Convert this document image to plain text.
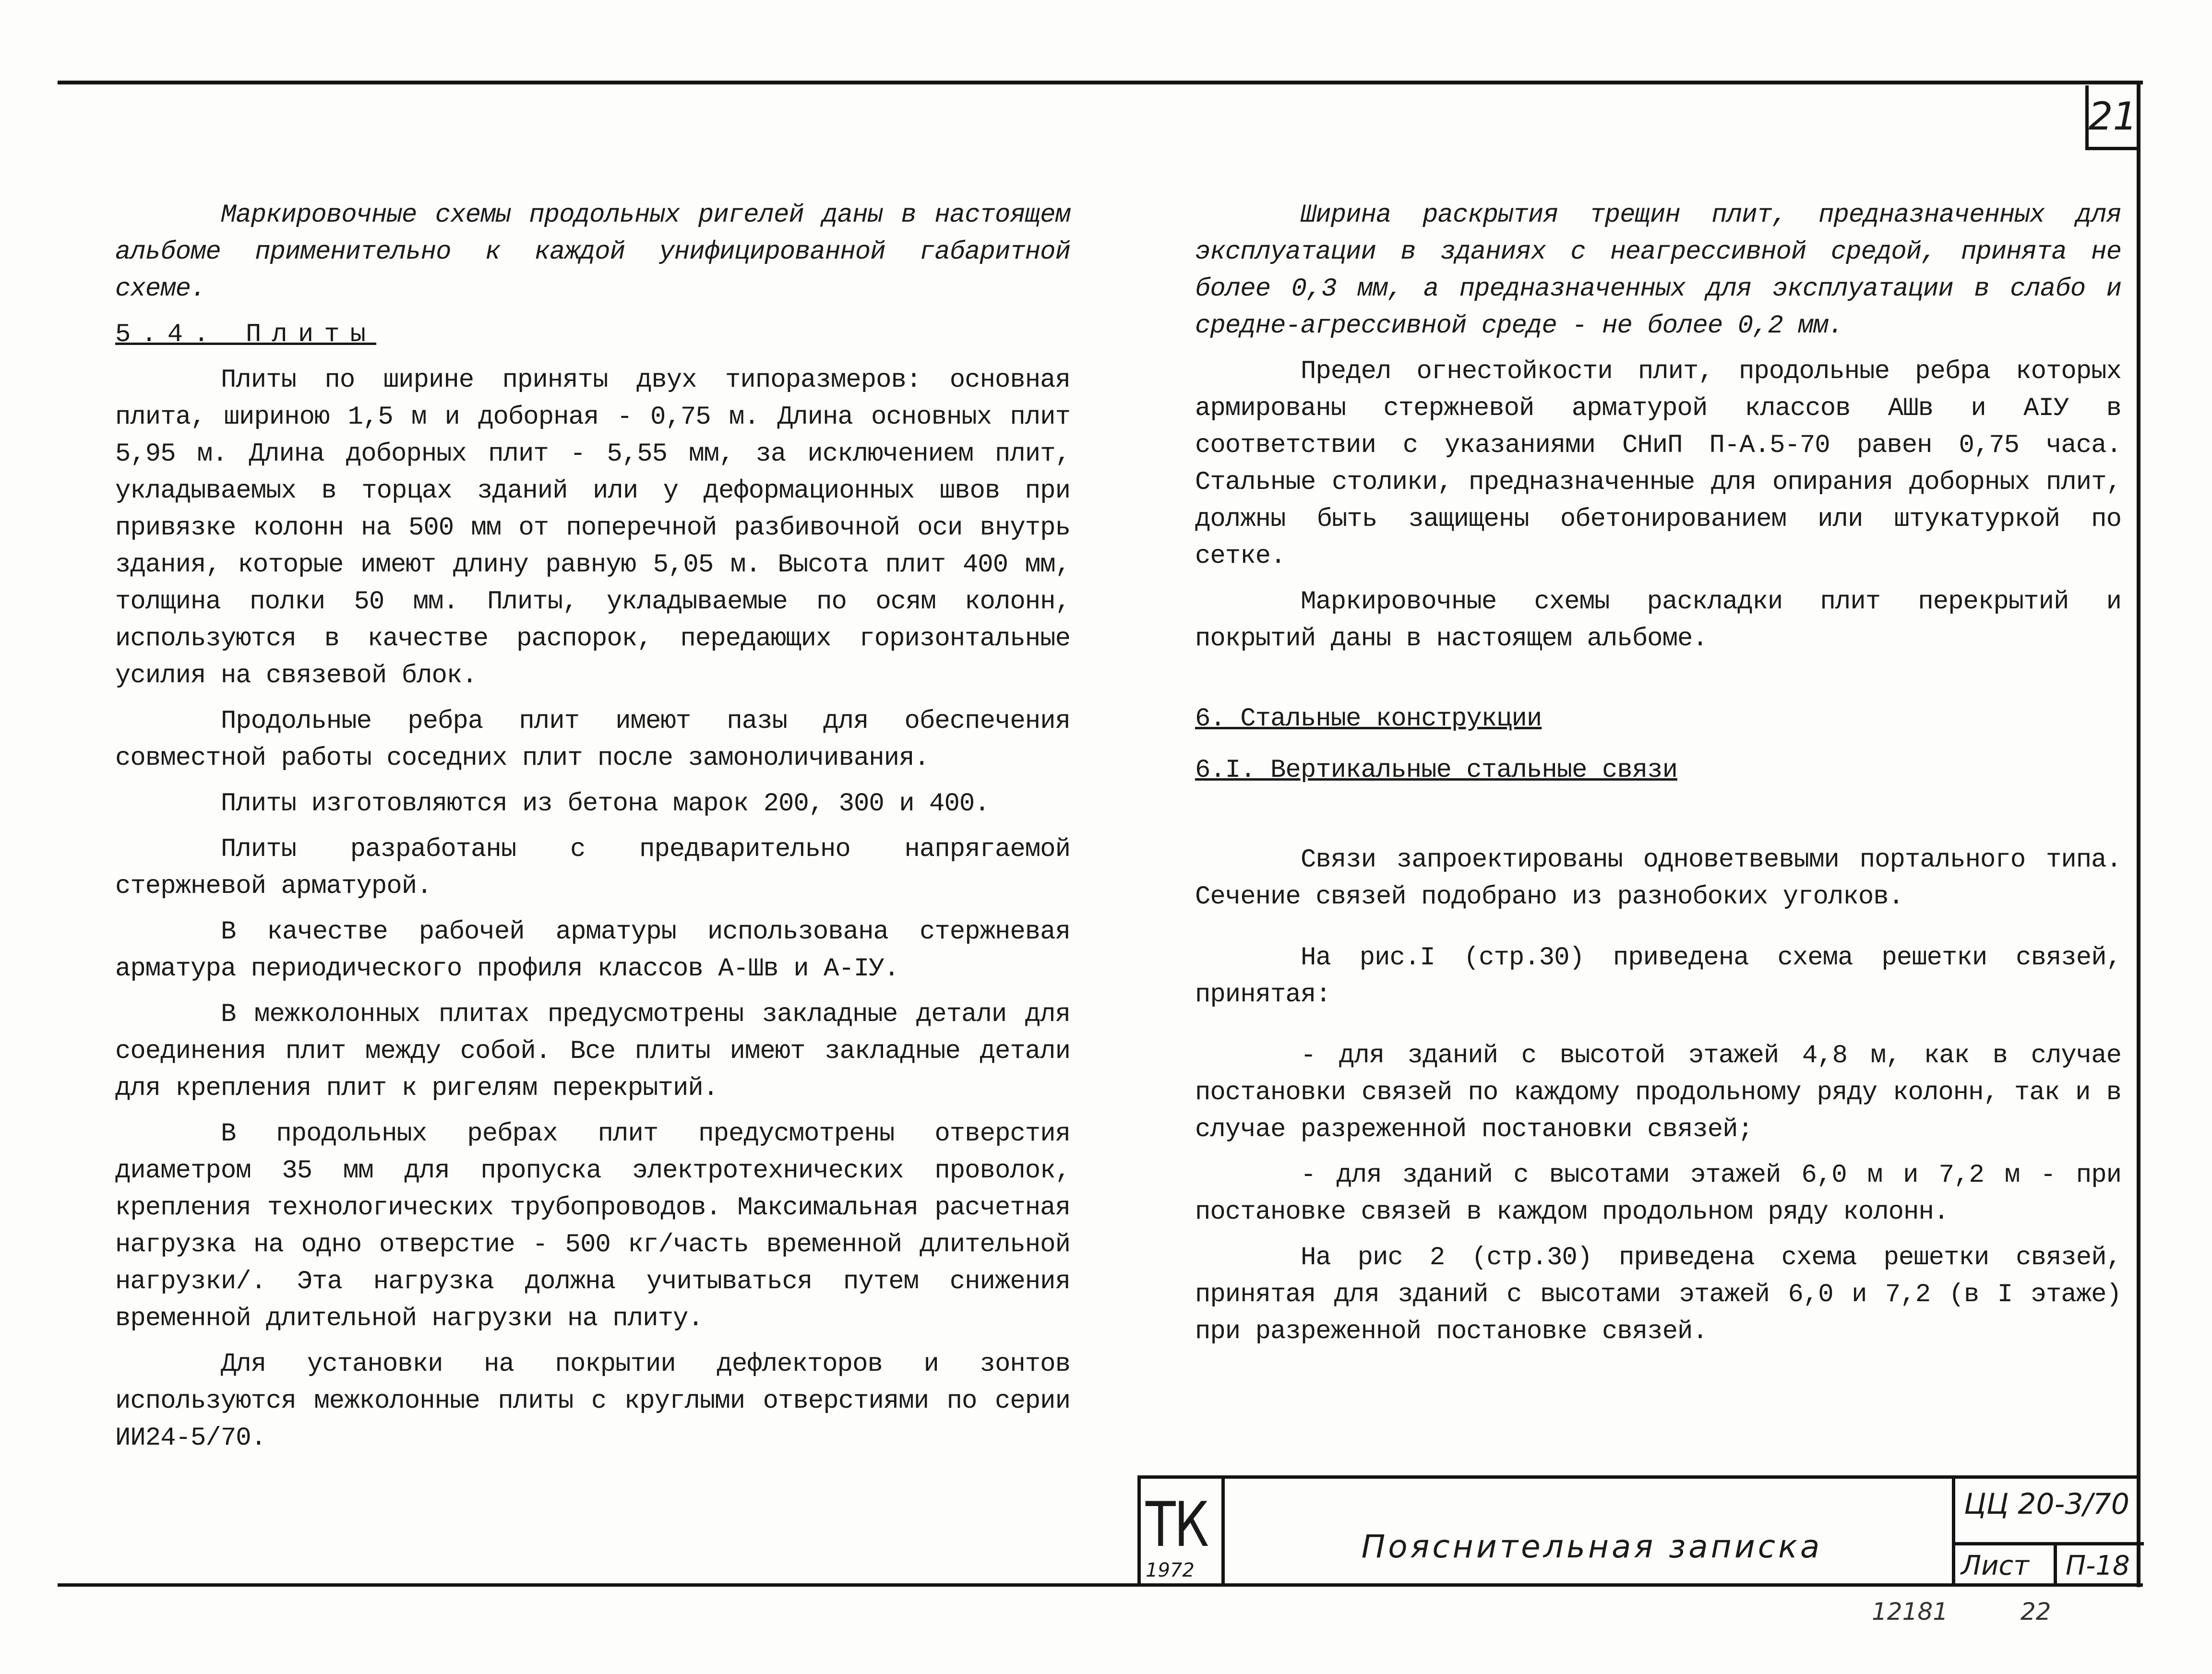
21

Маркировочные схемы продольных ригелей даны в настоящем альбоме применительно к каждой унифицированной габаритной схеме.

5.4. Плиты

Плиты по ширине приняты двух типоразмеров: основная плита, шириною 1,5 м и доборная - 0,75 м. Длина основных плит 5,95 м. Длина доборных плит - 5,55 мм, за исключением плит, укладываемых в торцах зданий или у деформационных швов при привязке колонн на 500 мм от поперечной разбивочной оси внутрь здания, которые имеют длину равную 5,05 м. Высота плит 400 мм, толщина полки 50 мм. Плиты, укладываемые по осям колонн, используются в качестве распорок, передающих горизонтальные усилия на связевой блок.

Продольные ребра плит имеют пазы для обеспечения совместной работы соседних плит после замоноличивания.

Плиты изготовляются из бетона марок 200, 300 и 400.

Плиты разработаны с предварительно напрягаемой стержневой арматурой.

В качестве рабочей арматуры использована стержневая арматура периодического профиля классов А-Шв и А-IУ.

В межколонных плитах предусмотрены закладные детали для соединения плит между собой. Все плиты имеют закладные детали для крепления плит к ригелям перекрытий.

В продольных ребрах плит предусмотрены отверстия диаметром 35 мм для пропуска электротехнических проволок, крепления технологических трубопроводов. Максимальная расчетная нагрузка на одно отверстие - 500 кг/часть временной длительной нагрузки/. Эта нагрузка должна учитываться путем снижения временной длительной нагрузки на плиту.

Для установки на покрытии дефлекторов и зонтов используются межколонные плиты с круглыми отверстиями по серии ИИ24-5/70.

Ширина раскрытия трещин плит, предназначенных для эксплуатации в зданиях с неагрессивной средой, принята не более 0,3 мм, а предназначенных для эксплуатации в слабо и средне-агрессивной среде - не более 0,2 мм.

Предел огнестойкости плит, продольные ребра которых армированы стержневой арматурой классов АШв и АIУ в соответствии с указаниями СНиП П-А.5-70 равен 0,75 часа. Стальные столики, предназначенные для опирания доборных плит, должны быть защищены обетонированием или штукатуркой по сетке.

Маркировочные схемы раскладки плит перекрытий и покрытий даны в настоящем альбоме.

6. Стальные конструкции

6.I. Вертикальные стальные связи

Связи запроектированы одноветвевыми портального типа. Сечение связей подобрано из разнобоких уголков.

На рис.I (стр.30) приведена схема решетки связей, принятая:

- для зданий с высотой этажей 4,8 м, как в случае постановки связей по каждому продольному ряду колонн, так и в случае разреженной постановки связей;

- для зданий с высотами этажей 6,0 м и 7,2 м - при постановке связей в каждом продольном ряду колонн.

На рис 2 (стр.30) приведена схема решетки связей, принятая для зданий с высотами этажей 6,0 и 7,2 (в I этаже) при разреженной постановке связей.

ТК
1972
Пояснительная записка
ЦЦ 20-3/70
Лист П-18
12181	22
